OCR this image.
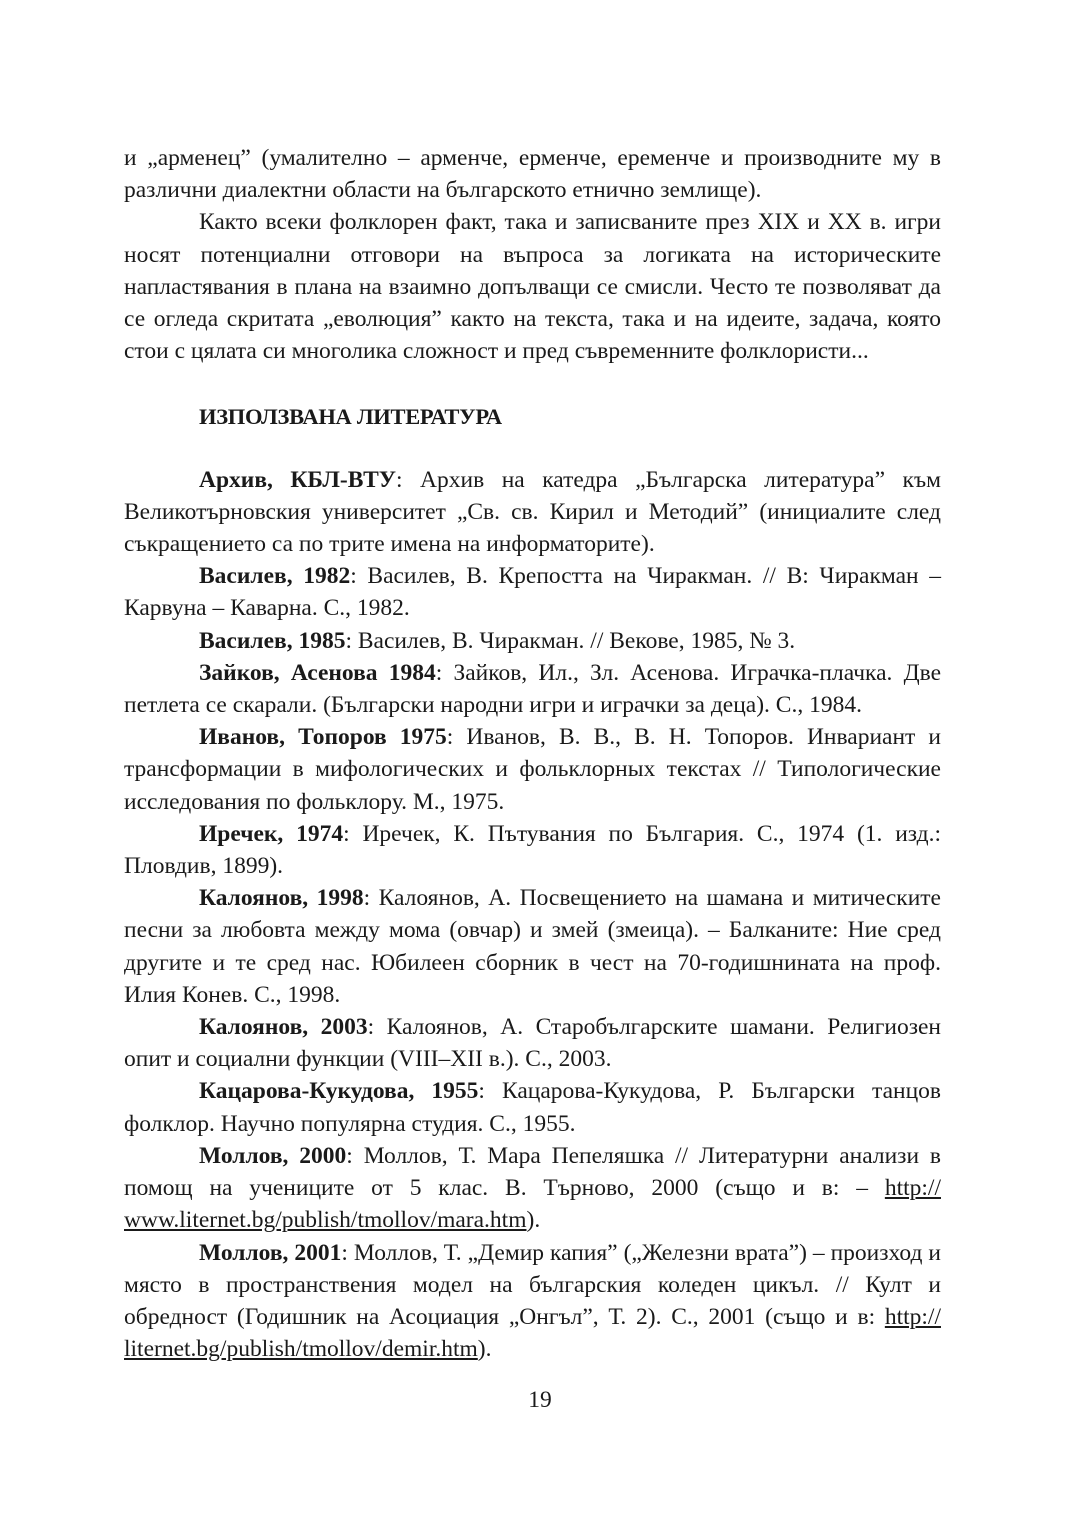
и „арменец” (умалително – арменче, ерменче, еременче и производните му в различни диалектни области на българското етнично землище).

Както всеки фолклорен факт, така и записваните през XIX и XX в. игри носят потенциални отговори на въпроса за логиката на историческите напластявания в плана на взаимно допълващи се смисли. Често те позволяват да се огледа скритата „еволюция” както на текста, така и на идеите, задача, която стои с цялата си многолика сложност и пред съвременните фолклористи...

ИЗПОЛЗВАНА ЛИТЕРАТУРА

Архив, КБЛ-ВТУ: Архив на катедра „Българска литература” към Великотърновския университет „Св. св. Кирил и Методий” (инициалите след съкращението са по трите имена на информаторите).

Василев, 1982: Василев, В. Крепостта на Чиракман. // В: Чиракман – Карвуна – Каварна. С., 1982.

Василев, 1985: Василев, В. Чиракман. // Векове, 1985, № 3.

Зайков, Асенова 1984: Зайков, Ил., Зл. Асенова. Играчка-плачка. Две петлета се скарали. (Български народни игри и играчки за деца). С., 1984.

Иванов, Топоров 1975: Иванов, В. В., В. Н. Топоров. Инвариант и трансформации в мифологических и фольклорных текстах // Типологические исследования по фольклору. М., 1975.

Иречек, 1974: Иречек, К. Пътувания по България. С., 1974 (1. изд.: Пловдив, 1899).

Калоянов, 1998: Калоянов, А. Посвещението на шамана и митическите песни за любовта между мома (овчар) и змей (змеица). – Балканите: Ние сред другите и те сред нас. Юбилеен сборник в чест на 70-годишнината на проф. Илия Конев. С., 1998.

Калоянов, 2003: Калоянов, А. Старобългарските шамани. Религиозен опит и социални функции (VIII–XII в.). С., 2003.

Кацарова-Кукудова, 1955: Кацарова-Кукудова, Р. Български танцов фолклор. Научно популярна студия. С., 1955.

Моллов, 2000: Моллов, Т. Мара Пепеляшка // Литературни анализи в помощ на учениците от 5 клас. В. Търново, 2000 (също и в: – http:// www.liternet.bg/publish/tmollov/mara.htm).

Моллов, 2001: Моллов, Т. „Демир капия” („Железни врата”) – произход и място в пространствения модел на българския коледен цикъл. // Култ и обредност (Годишник на Асоциация „Онгъл”, Т. 2). С., 2001 (също и в: http:// liternet.bg/publish/tmollov/demir.htm).

19
